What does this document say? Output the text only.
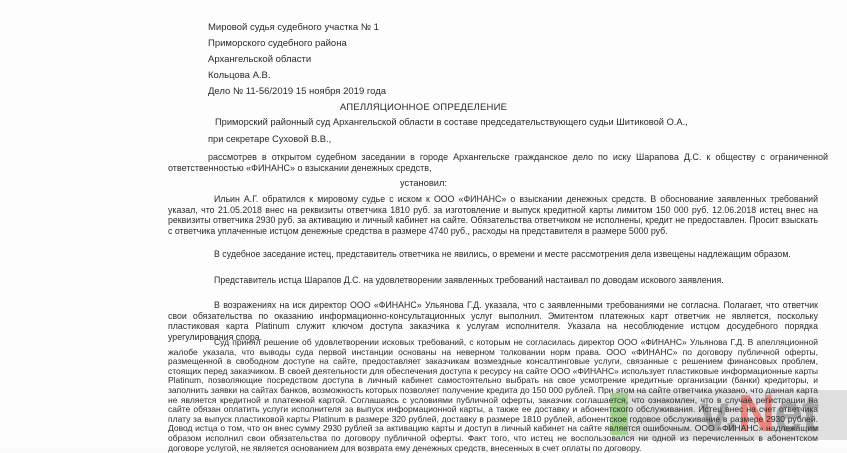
v.Net
Мировой судья судебного участка № 1
Приморского судебного района
Архангельской области
Кольцова А.В.
Дело № 11-56/2019 15 ноября 2019 года
АПЕЛЛЯЦИОННОЕ ОПРЕДЕЛЕНИЕ
Приморский районный суд Архангельской области в составе председательствующего судьи Шитиковой О.А.,
при секретаре Суховой В.В.,
рассмотрев в открытом судебном заседании в городе Архангельске гражданское дело по иску Шарапова Д.С. к обществу с ограниченной ответственностью «ФИНАНС» о взыскании денежных средств,
установил:
Ильин А.Г. обратился к мировому судье с иском к ООО «ФИНАНС» о взыскании денежных средств. В обоснование заявленных требований указал, что 21.05.2018 внес на реквизиты ответчика 1810 руб. за изготовление и выпуск кредитной карты лимитом 150 000 руб. 12.06.2018 истец внес на реквизиты ответчика 2930 руб. за активацию и личный кабинет на сайте. Обязательства ответчиком не исполнены, кредит не предоставлен. Просит взыскать с ответчика уплаченные истцом денежные средства в размере 4740 руб., расходы на представителя в размере 5000 руб.
В судебное заседание истец, представитель ответчика не явились, о времени и месте рассмотрения дела извещены надлежащим образом.
Представитель истца Шарапов Д.С. на удовлетворении заявленных требований настаивал по доводам искового заявления.
В возражениях на иск директор ООО «ФИНАНС» Ульянова Г.Д. указала, что с заявленными требованиями не согласна. Полагает, что ответчик свои обязательства по оказанию информационно-консультационных услуг выполнил. Эмитентом платежных карт ответчик не является, поскольку пластиковая карта Platinum служит ключом доступа заказчика к услугам исполнителя. Указала на несоблюдение истцом досудебного порядка урегулирования спора.
Суд принял решение об удовлетворении исковых требований, с которым не согласилась директор ООО «ФИНАНС» Ульянова Г.Д. В апелляционной жалобе указала, что выводы суда первой инстанции основаны на неверном толковании норм права. ООО «ФИНАНС» по договору публичной оферты, размещенной в свободном доступе на сайте, предоставляет заказчикам возмездные консалтинговые услуги, связанные с решением финансовых проблем, стоящих перед заказчиком. В своей деятельности для обеспечения доступа к ресурсу на сайте ООО «ФИНАНС» использует пластиковые информационные карты Platinum, позволяющие посредством доступа в личный кабинет самостоятельно выбрать на свое усмотрение кредитные организации (банки) кредиторы, и заполнить заявки на сайтах банков, возможность которых позволяет получение кредита до 150 000 рублей. При этом на сайте ответчика указано, что данная карта не является кредитной и платежной картой. Соглашаясь с условиями публичной оферты, заказчик соглашается, что ознакомлен, что в случае регистрации на сайте обязан оплатить услуги исполнителя за выпуск информационной карты, а также ее доставку и абонентского обслуживания. Истец внес на счет ответчика плату за выпуск пластиковой карты Platinum в размере 320 рублей, доставку в размере 1810 рублей, абонентское годовое обслуживание в размере 2930 рублей. Довод истца о том, что он внес сумму 2930 рублей за активацию карты и доступ в личный кабинет на сайте является ошибочным. ООО «ФИНАНС» надлежащим образом исполнил свои обязательства по договору публичной оферты. Факт того, что истец не воспользовался ни одной из перечисленных в абонентском договоре услугой, не является основанием для возврата ему денежных средств, внесенных в счет оплаты по договору.
